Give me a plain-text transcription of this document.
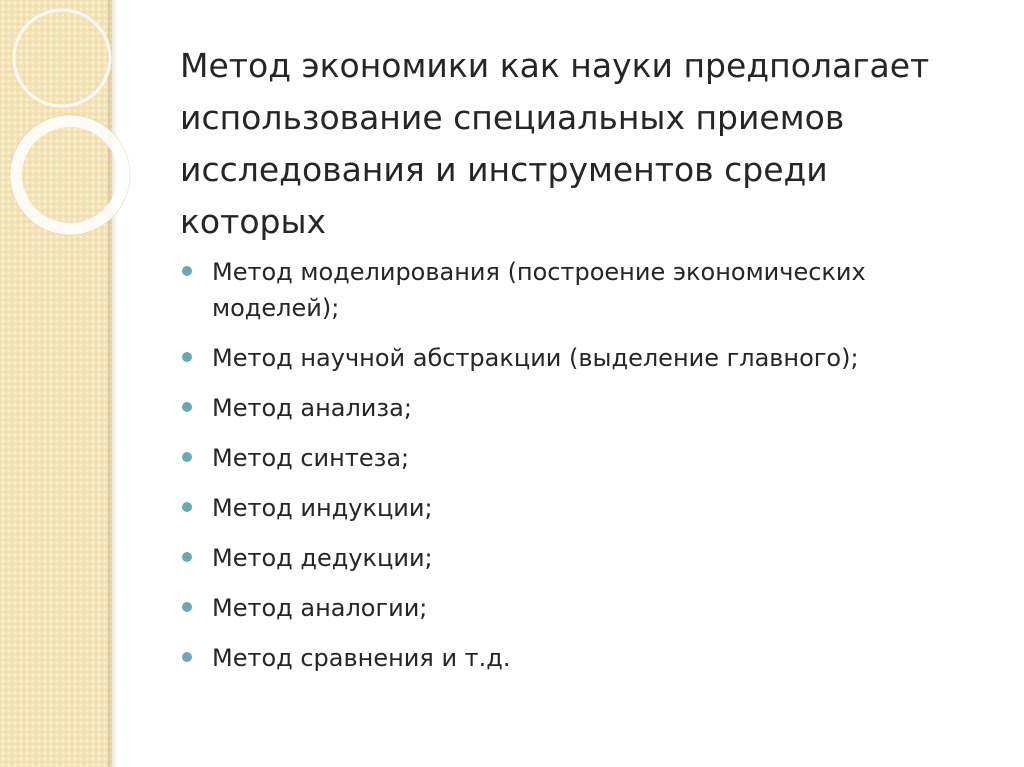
Метод экономики как науки предполагает использование специальных приемов исследования и инструментов среди которых
Метод моделирования (построение экономических моделей);
Метод научной абстракции (выделение главного);
Метод анализа;
Метод синтеза;
Метод индукции;
Метод дедукции;
Метод аналогии;
Метод сравнения и т.д.
